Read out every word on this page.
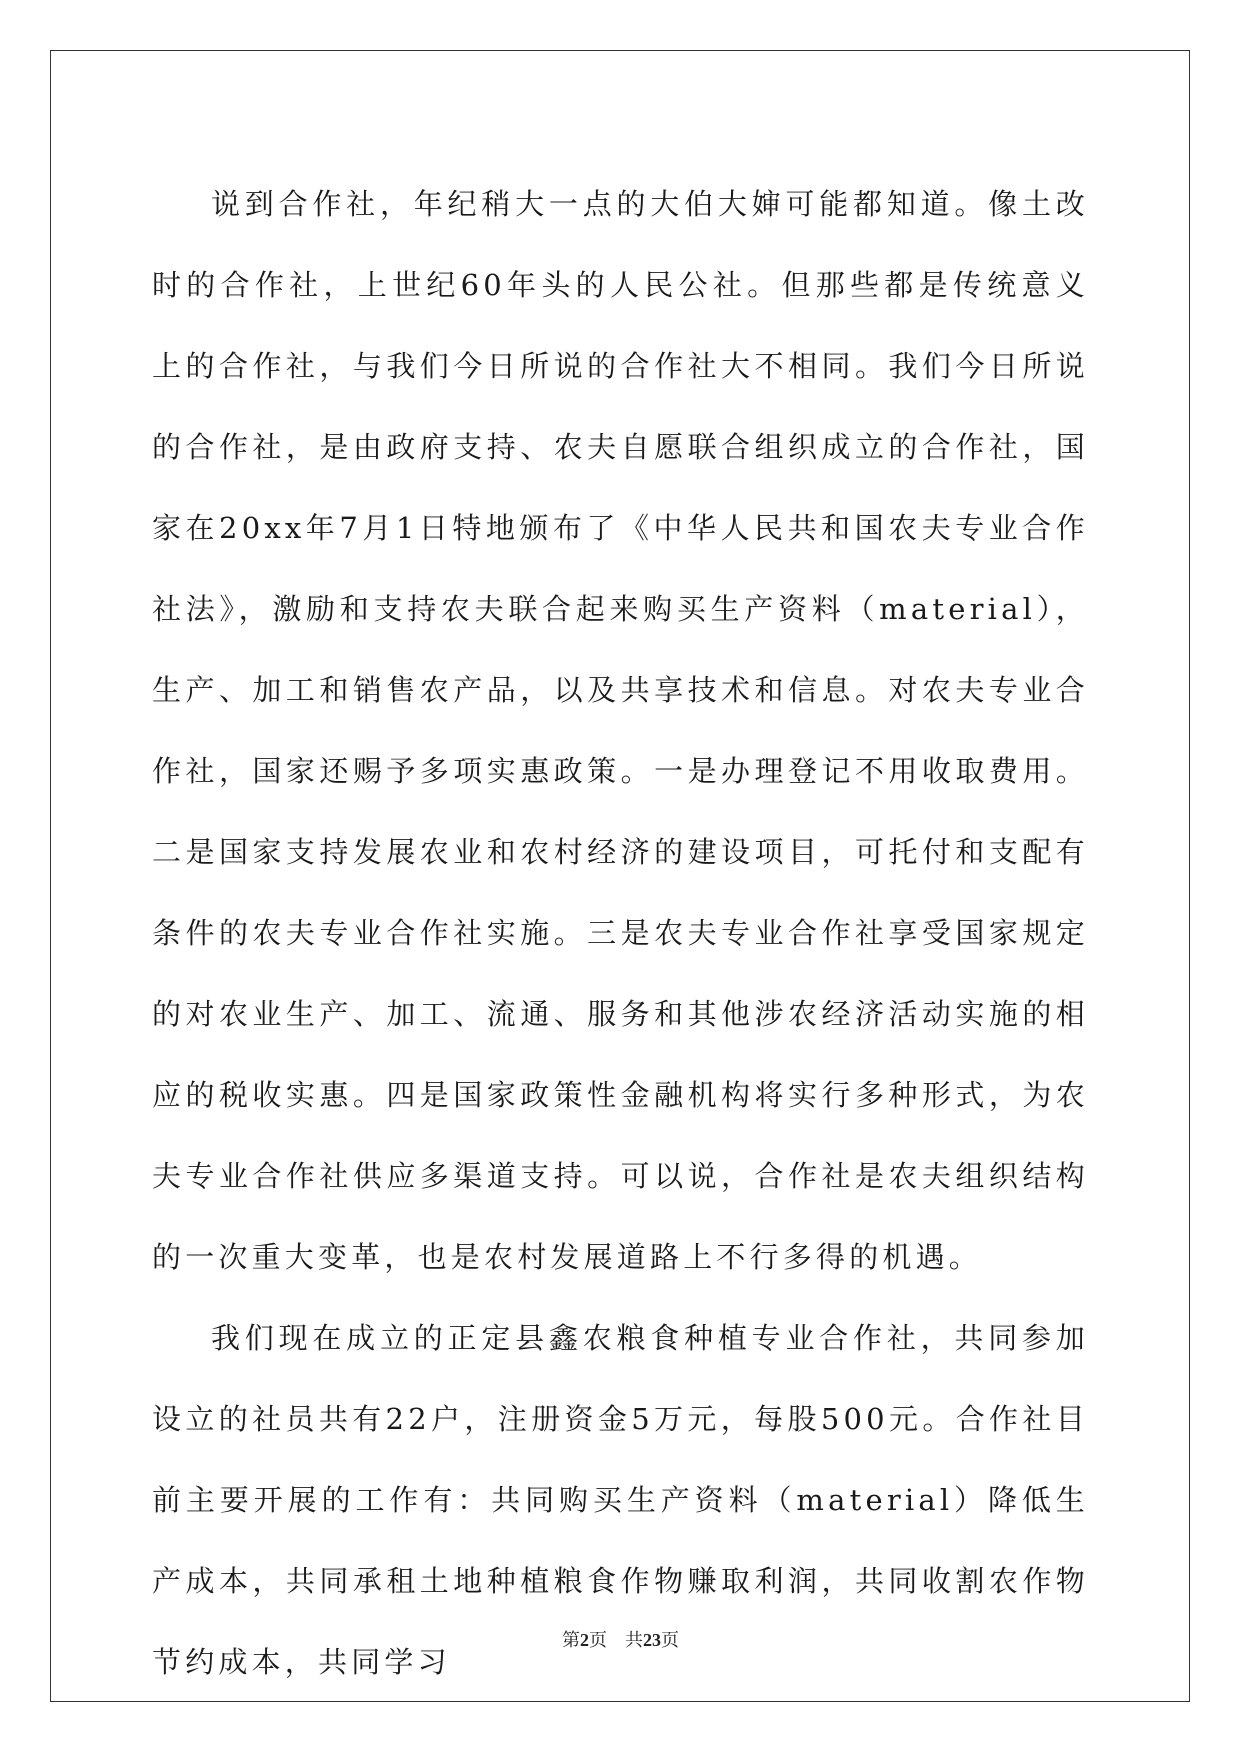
说到合作社，年纪稍大一点的大伯大婶可能都知道。像土改时的合作社，上世纪60年头的人民公社。但那些都是传统意义上的合作社，与我们今日所说的合作社大不相同。我们今日所说的合作社，是由政府支持、农夫自愿联合组织成立的合作社，国家在20xx年7月1日特地颁布了《中华人民共和国农夫专业合作社法》，激励和支持农夫联合起来购买生产资料（material），生产、加工和销售农产品，以及共享技术和信息。对农夫专业合作社，国家还赐予多项实惠政策。一是办理登记不用收取费用。二是国家支持发展农业和农村经济的建设项目，可托付和支配有条件的农夫专业合作社实施。三是农夫专业合作社享受国家规定的对农业生产、加工、流通、服务和其他涉农经济活动实施的相应的税收实惠。四是国家政策性金融机构将实行多种形式，为农夫专业合作社供应多渠道支持。可以说，合作社是农夫组织结构的一次重大变革，也是农村发展道路上不行多得的机遇。

我们现在成立的正定县鑫农粮食种植专业合作社，共同参加设立的社员共有22户，注册资金5万元，每股500元。合作社目前主要开展的工作有：共同购买生产资料（material）降低生产成本，共同承租土地种植粮食作物赚取利润，共同收割农作物节约成本，共同学习

第2页 共23页
